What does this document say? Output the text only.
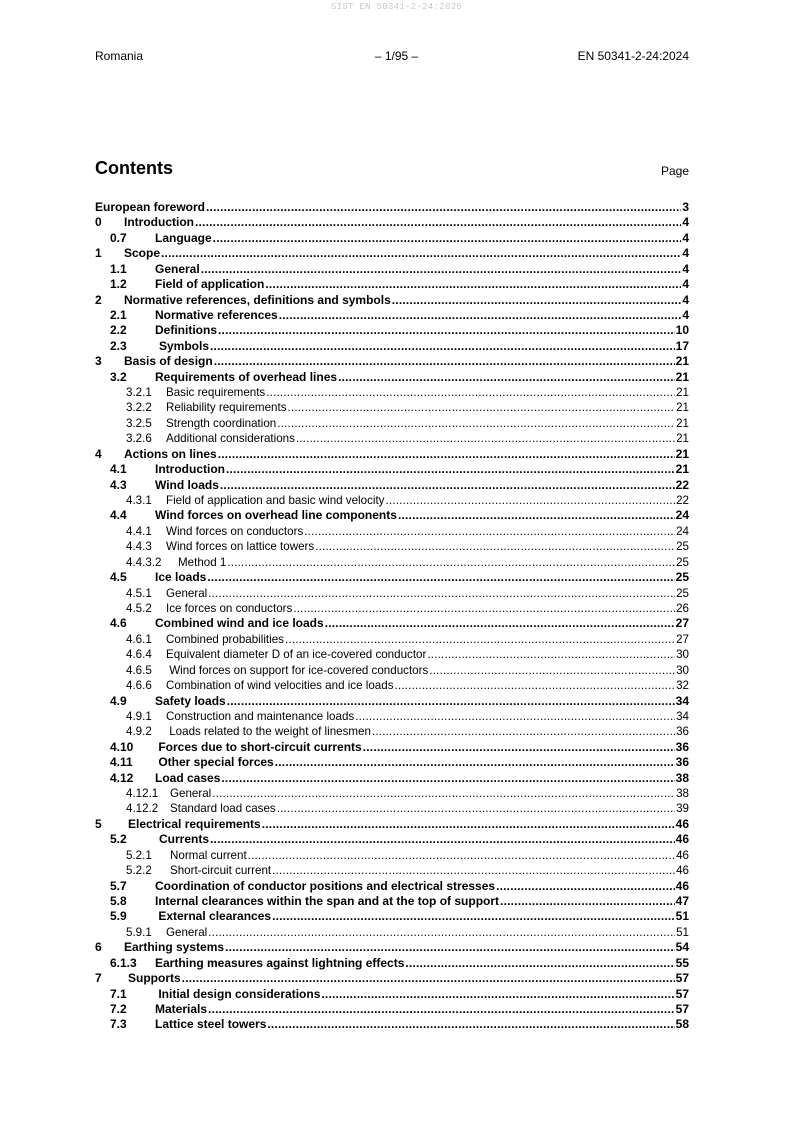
SIST EN 50341-2-24:2025
Romania	– 1/95 –	EN 50341-2-24:2024
Contents	Page
European foreword .....	3
0	Introduction .....	4
0.7	Language .....	4
1	Scope .....	4
1.1	General .....	4
1.2	Field of application .....	4
2	Normative references, definitions and symbols .....	4
2.1	Normative references .....	4
2.2	Definitions .....	10
2.3	Symbols .....	17
3	Basis of design .....	21
3.2	Requirements of overhead lines .....	21
3.2.1	Basic requirements .....	21
3.2.2	Reliability requirements .....	21
3.2.5	Strength coordination .....	21
3.2.6	Additional considerations .....	21
4	Actions on lines .....	21
4.1	Introduction .....	21
4.3	Wind loads .....	22
4.3.1	Field of application and basic wind velocity .....	22
4.4	Wind forces on overhead line components .....	24
4.4.1	Wind forces on conductors .....	24
4.4.3	Wind forces on lattice towers .....	25
4.4.3.2	Method 1 .....	25
4.5	Ice loads .....	25
4.5.1	General .....	25
4.5.2	Ice forces on conductors .....	26
4.6	Combined wind and ice loads .....	27
4.6.1	Combined probabilities .....	27
4.6.4	Equivalent diameter D of an ice-covered conductor .....	30
4.6.5	Wind forces on support for ice-covered conductors .....	30
4.6.6	Combination of wind velocities and ice loads .....	32
4.9	Safety loads .....	34
4.9.1	Construction and maintenance loads .....	34
4.9.2	Loads related to the weight of linesmen .....	36
4.10	Forces due to short-circuit currents .....	36
4.11	Other special forces .....	36
4.12	Load cases .....	38
4.12.1	General .....	38
4.12.2	Standard load cases .....	39
5	Electrical requirements .....	46
5.2	Currents .....	46
5.2.1	Normal current .....	46
5.2.2	Short-circuit current .....	46
5.7	Coordination of conductor positions and electrical stresses .....	46
5.8	Internal clearances within the span and at the top of support .....	47
5.9	External clearances .....	51
5.9.1	General .....	51
6	Earthing systems .....	54
6.1.3	Earthing measures against lightning effects .....	55
7	Supports .....	57
7.1	Initial design considerations .....	57
7.2	Materials .....	57
7.3	Lattice steel towers .....	58
